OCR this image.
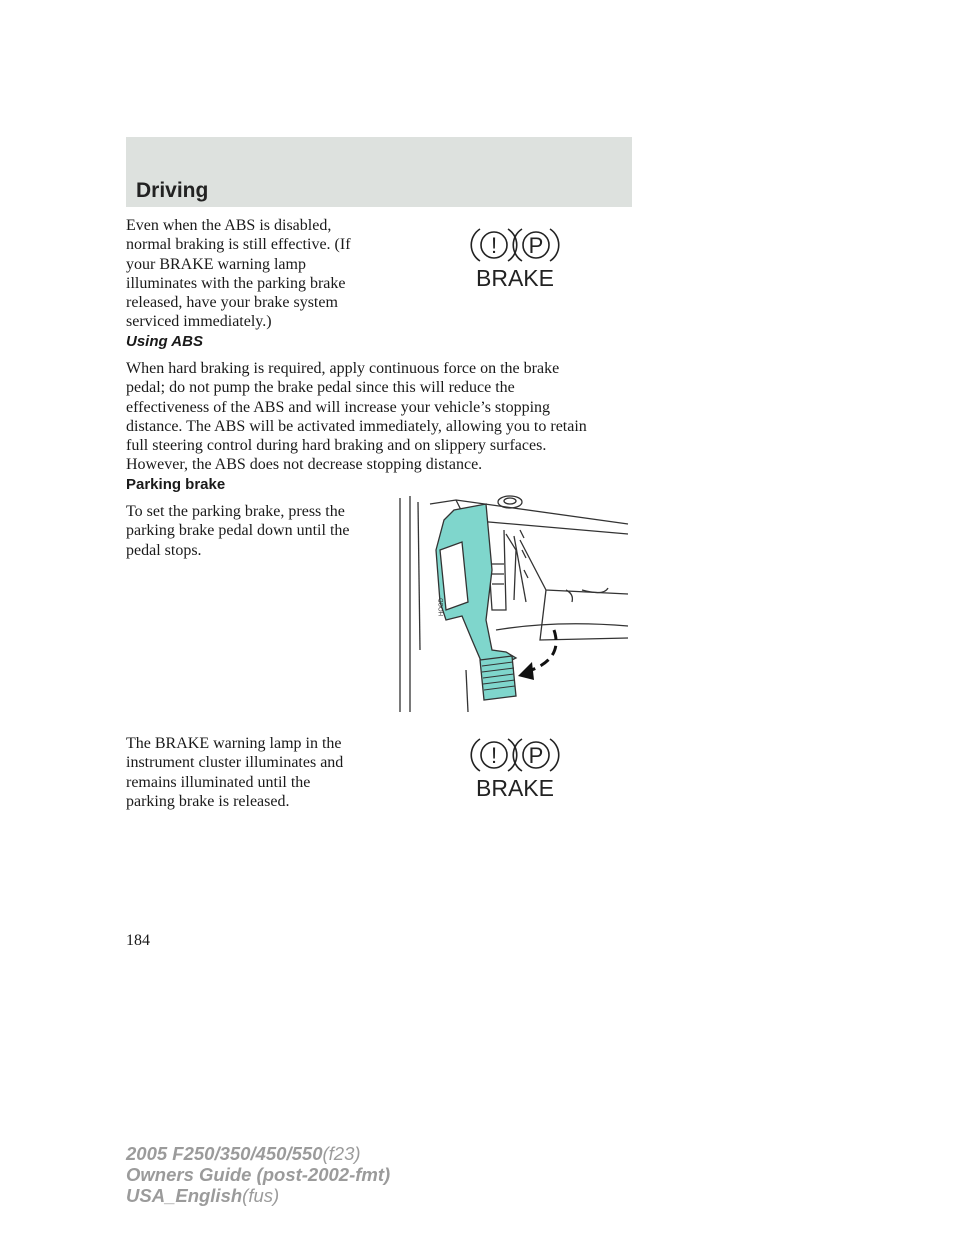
Driving
Even when the ABS is disabled,
normal braking is still effective. (If
your BRAKE warning lamp
illuminates with the parking brake
released, have your brake system
serviced immediately.)
! P
BRAKE
Using ABS
When hard braking is required, apply continuous force on the brake
pedal; do not pump the brake pedal since this will reduce the
effectiveness of the ABS and will increase your vehicle’s stopping
distance. The ABS will be activated immediately, allowing you to retain
full steering control during hard braking and on slippery surfaces.
However, the ABS does not decrease stopping distance.
Parking brake
To set the parking brake, press the
parking brake pedal down until the
pedal stops.
HOOD
The BRAKE warning lamp in the
instrument cluster illuminates and
remains illuminated until the
parking brake is released.
! P
BRAKE
184
2005 F250/350/450/550(f23)
Owners Guide (post-2002-fmt)
USA_English(fus)
